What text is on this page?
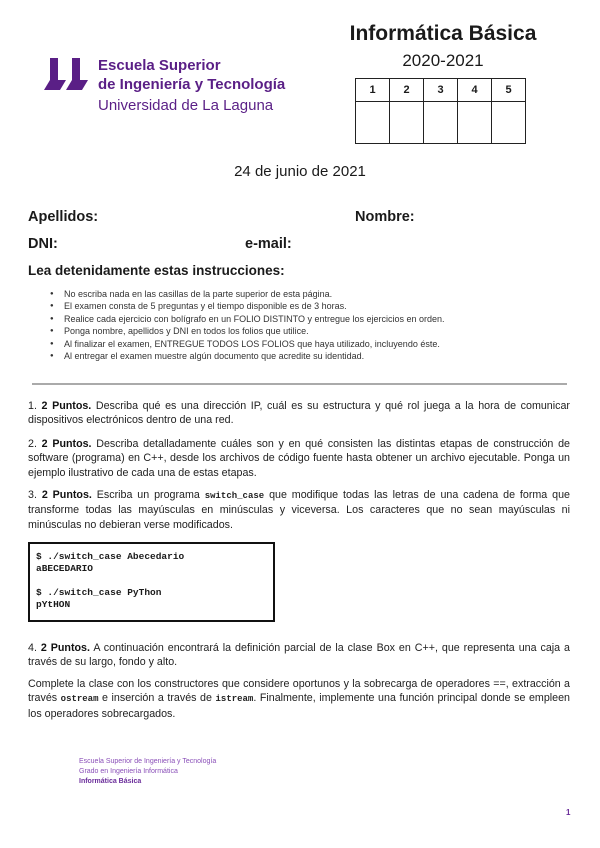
Escuela Superior
de Ingeniería y Tecnología
Universidad de La Laguna
Informática Básica
2020-2021
1	2	3	4	5

24 de junio de 2021
Apellidos:	Nombre:
DNI:	e-mail:
Lea detenidamente estas instrucciones:
● No escriba nada en las casillas de la parte superior de esta página.
● El examen consta de 5 preguntas y el tiempo disponible es de 3 horas.
● Realice cada ejercicio con bolígrafo en un FOLIO DISTINTO y entregue los ejercicios en orden.
● Ponga nombre, apellidos y DNI en todos los folios que utilice.
● Al finalizar el examen, ENTREGUE TODOS LOS FOLIOS que haya utilizado, incluyendo éste.
● Al entregar el examen muestre algún documento que acredite su identidad.
1. 2 Puntos. Describa qué es una dirección IP, cuál es su estructura y qué rol juega a la hora de comunicar dispositivos electrónicos dentro de una red.
2. 2 Puntos. Describa detalladamente cuáles son y en qué consisten las distintas etapas de construcción de software (programa) en C++, desde los archivos de código fuente hasta obtener un archivo ejecutable. Ponga un ejemplo ilustrativo de cada una de estas etapas.
3. 2 Puntos. Escriba un programa switch_case que modifique todas las letras de una cadena de forma que transforme todas las mayúsculas en minúsculas y viceversa. Los caracteres que no sean mayúsculas ni minúsculas no debieran verse modificados.
$ ./switch_case Abecedario
aBECEDARIO
$ ./switch_case PyThon
pYtHON
4. 2 Puntos. A continuación encontrará la definición parcial de la clase Box en C++, que representa una caja a través de su largo, fondo y alto.
Complete la clase con los constructores que considere oportunos y la sobrecarga de operadores ==, extracción a través ostream e inserción a través de istream. Finalmente, implemente una función principal donde se empleen los operadores sobrecargados.
Escuela Superior de Ingeniería y Tecnología
Grado en Ingeniería Informática
Informática Básica
1
